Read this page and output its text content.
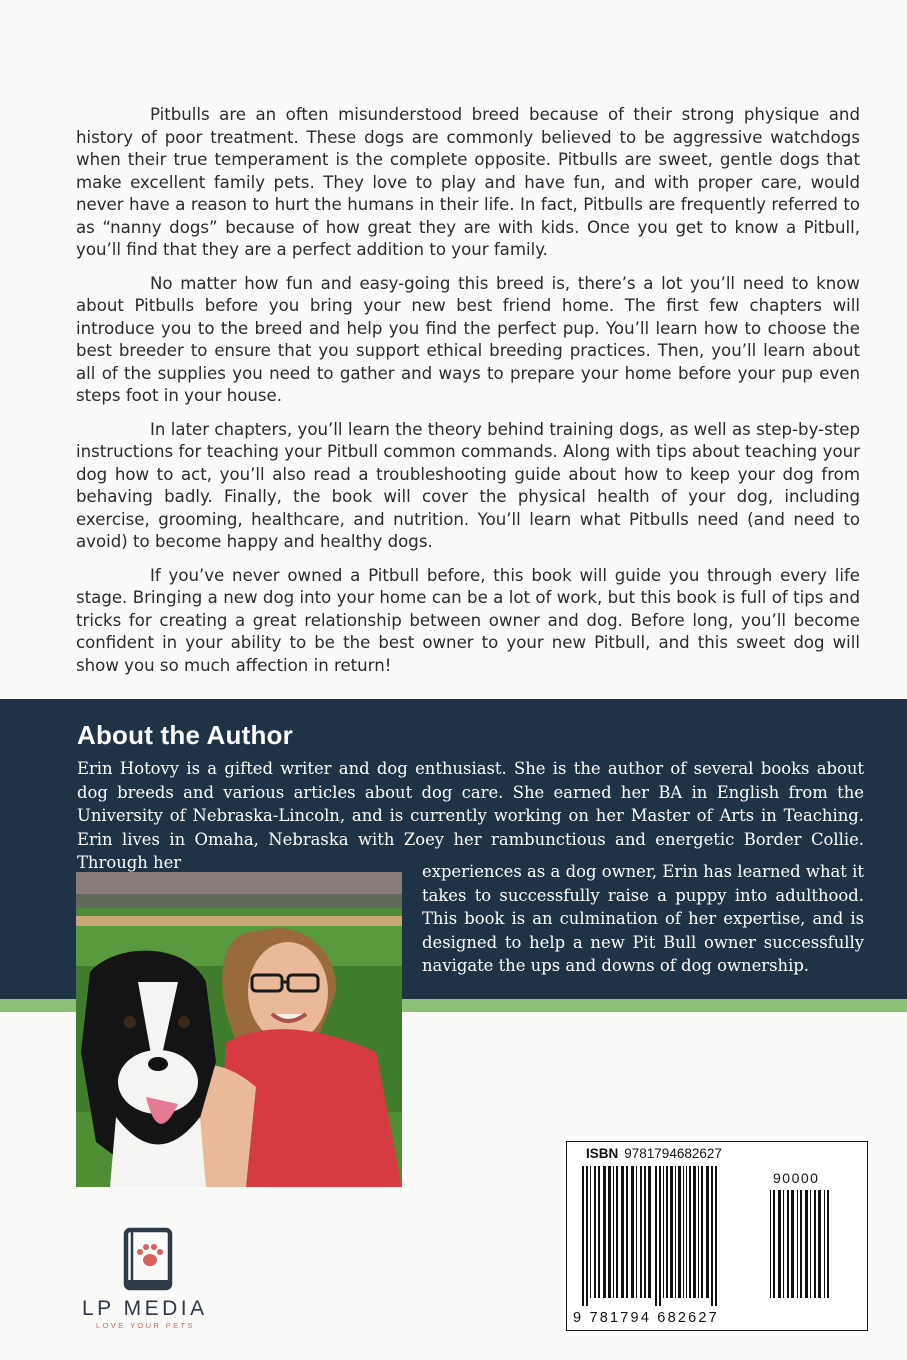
Pitbulls are an often misunderstood breed because of their strong physique and history of poor treatment. These dogs are commonly believed to be aggressive watchdogs when their true temperament is the complete opposite. Pitbulls are sweet, gentle dogs that make excellent family pets. They love to play and have fun, and with proper care, would never have a reason to hurt the humans in their life. In fact, Pitbulls are frequently referred to as “nanny dogs” because of how great they are with kids. Once you get to know a Pitbull, you’ll find that they are a perfect addition to your family.

No matter how fun and easy-going this breed is, there’s a lot you’ll need to know about Pitbulls before you bring your new best friend home. The first few chapters will introduce you to the breed and help you find the perfect pup. You’ll learn how to choose the best breeder to ensure that you support ethical breeding practices. Then, you’ll learn about all of the supplies you need to gather and ways to prepare your home before your pup even steps foot in your house.

In later chapters, you’ll learn the theory behind training dogs, as well as step-by-step instructions for teaching your Pitbull common commands. Along with tips about teaching your dog how to act, you’ll also read a troubleshooting guide about how to keep your dog from behaving badly. Finally, the book will cover the physical health of your dog, including exercise, grooming, healthcare, and nutrition. You’ll learn what Pitbulls need (and need to avoid) to become happy and healthy dogs.

If you’ve never owned a Pitbull before, this book will guide you through every life stage. Bringing a new dog into your home can be a lot of work, but this book is full of tips and tricks for creating a great relationship between owner and dog. Before long, you’ll become confident in your ability to be the best owner to your new Pitbull, and this sweet dog will show you so much affection in return!

About the Author
Erin Hotovy is a gifted writer and dog enthusiast. She is the author of several books about dog breeds and various articles about dog care. She earned her BA in English from the University of Nebraska-Lincoln, and is currently working on her Master of Arts in Teaching. Erin lives in Omaha, Nebraska with Zoey her rambunctious and energetic Border Collie. Through her	experiences as a dog owner, Erin has learned what it takes to successfully raise a puppy into adulthood. This book is an culmination of her expertise, and is designed to help a new Pit Bull owner successfully navigate the ups and downs of dog ownership.
ISBN 9781794682627
90000
9 781794 682627
LP MEDIA
LOVE YOUR PETS
